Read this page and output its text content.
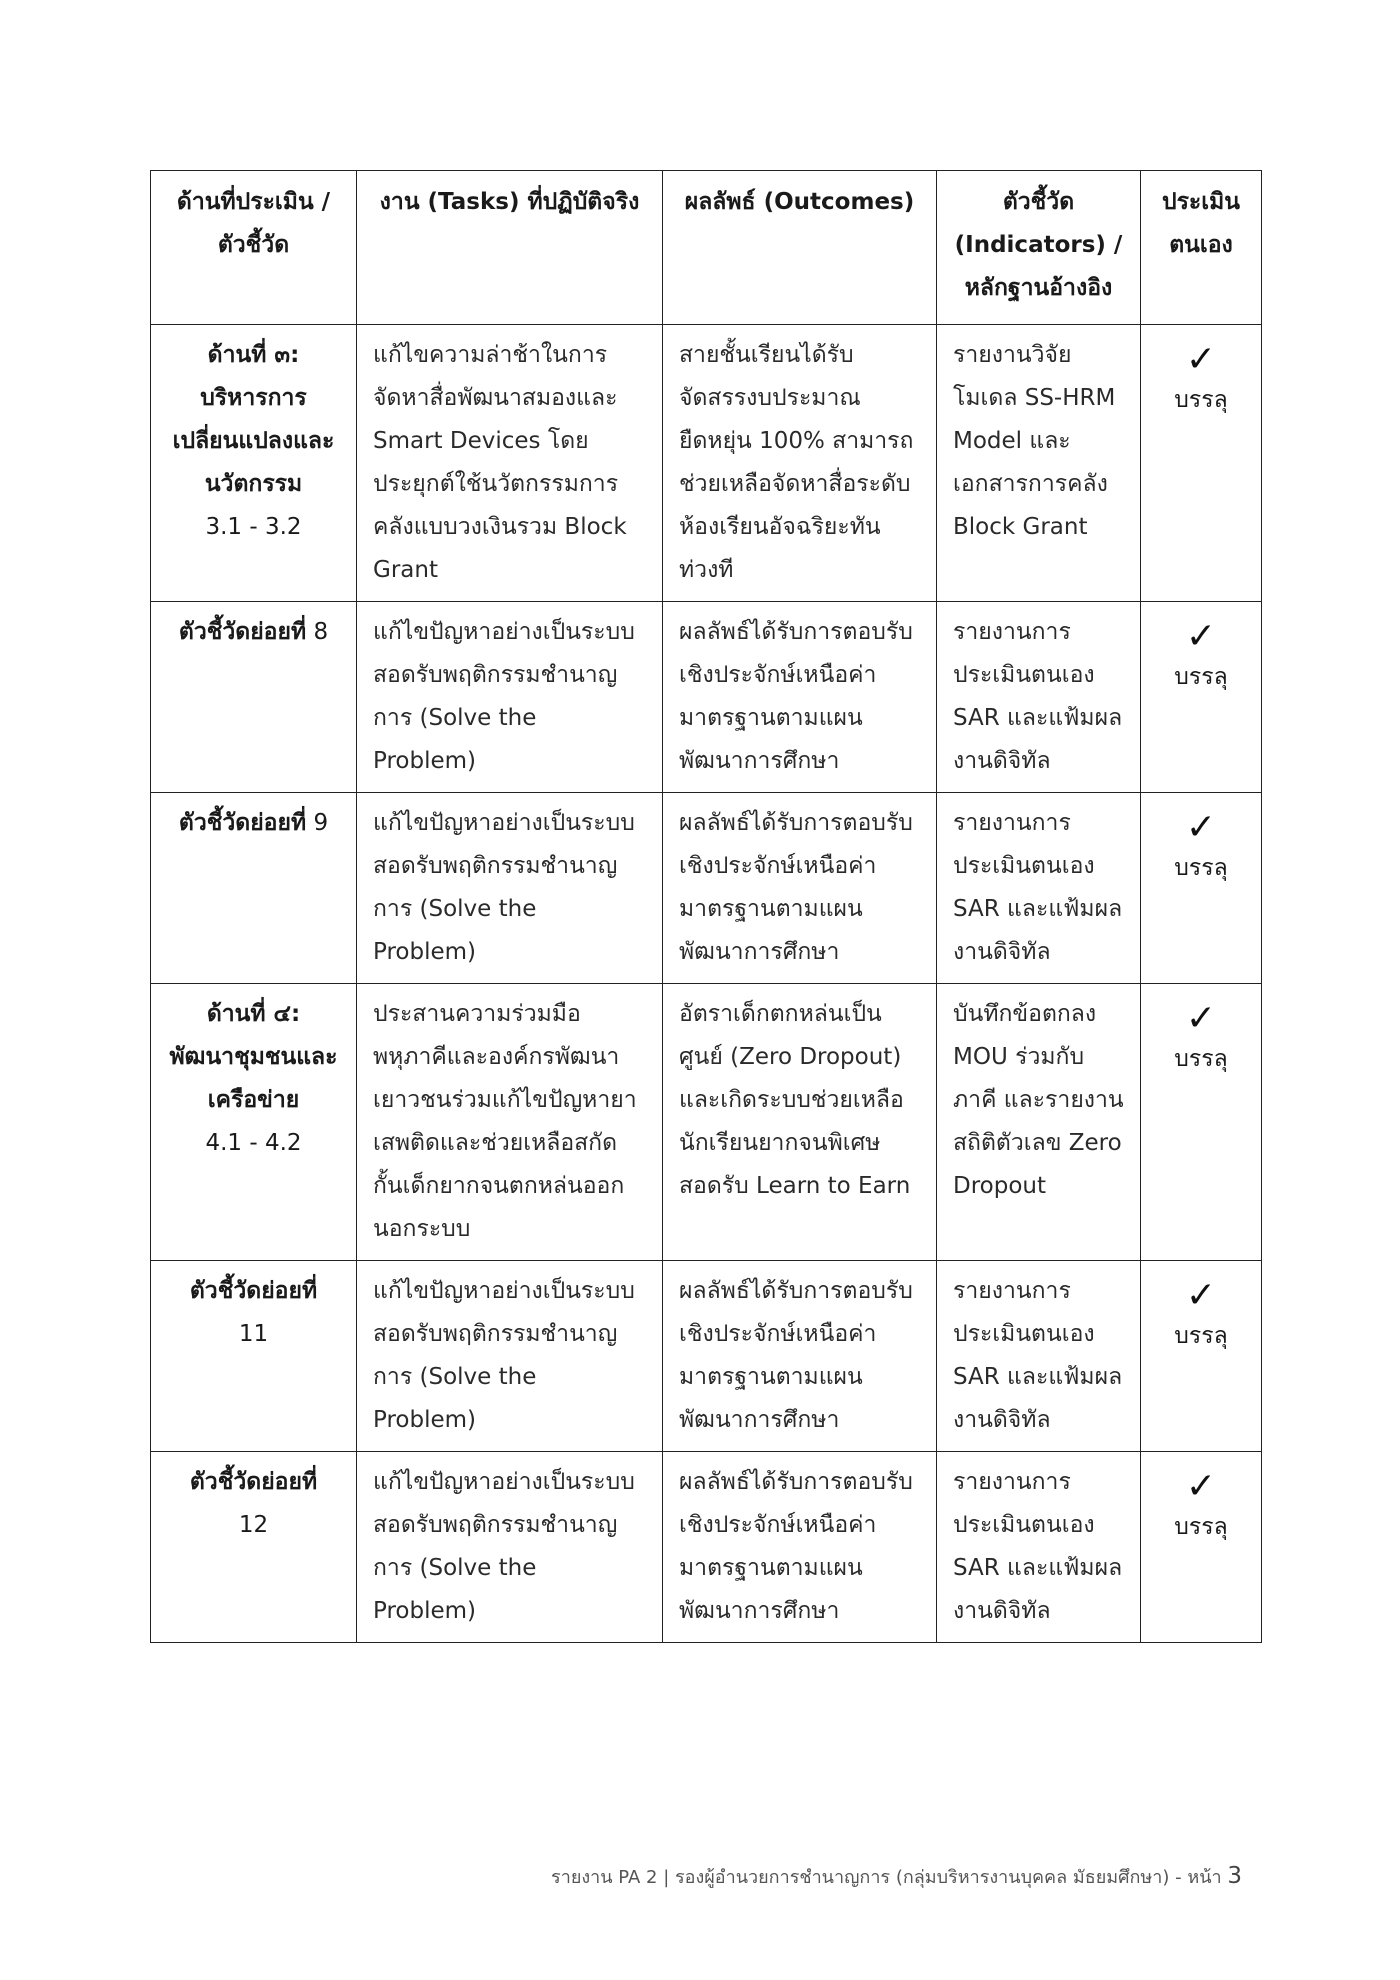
ด้านที่ประเมิน / ตัวชี้วัด	งาน (Tasks) ที่ปฏิบัติจริง	ผลลัพธ์ (Outcomes)	ตัวชี้วัด (Indicators) / หลักฐานอ้างอิง	ประเมินตนเอง

ด้านที่ ๓:
บริหารการเปลี่ยนแปลงและนวัตกรรม
3.1 - 3.2	แก้ไขความล่าช้าในการจัดหาสื่อพัฒนาสมองและ Smart Devices โดยประยุกต์ใช้นวัตกรรมการคลังแบบวงเงินรวม Block Grant	สายชั้นเรียนได้รับจัดสรรงบประมาณยืดหยุ่น 100% สามารถช่วยเหลือจัดหาสื่อระดับห้องเรียนอัจฉริยะทันท่วงที	รายงานวิจัยโมเดล SS-HRM Model และเอกสารการคลัง Block Grant	✓
บรรลุ

ตัวชี้วัดย่อยที่ 8	แก้ไขปัญหาอย่างเป็นระบบสอดรับพฤติกรรมชำนาญการ (Solve the Problem)	ผลลัพธ์ได้รับการตอบรับเชิงประจักษ์เหนือค่ามาตรฐานตามแผนพัฒนาการศึกษา	รายงานการประเมินตนเอง SAR และแฟ้มผลงานดิจิทัล	✓
บรรลุ

ตัวชี้วัดย่อยที่ 9	แก้ไขปัญหาอย่างเป็นระบบสอดรับพฤติกรรมชำนาญการ (Solve the Problem)	ผลลัพธ์ได้รับการตอบรับเชิงประจักษ์เหนือค่ามาตรฐานตามแผนพัฒนาการศึกษา	รายงานการประเมินตนเอง SAR และแฟ้มผลงานดิจิทัล	✓
บรรลุ

ด้านที่ ๔:
พัฒนาชุมชนและเครือข่าย
4.1 - 4.2	ประสานความร่วมมือพหุภาคีและองค์กรพัฒนาเยาวชนร่วมแก้ไขปัญหายาเสพติดและช่วยเหลือสกัดกั้นเด็กยากจนตกหล่นออกนอกระบบ	อัตราเด็กตกหล่นเป็นศูนย์ (Zero Dropout) และเกิดระบบช่วยเหลือนักเรียนยากจนพิเศษสอดรับ Learn to Earn	บันทึกข้อตกลง MOU ร่วมกับภาคี และรายงานสถิติตัวเลข Zero Dropout	✓
บรรลุ

ตัวชี้วัดย่อยที่
11	แก้ไขปัญหาอย่างเป็นระบบสอดรับพฤติกรรมชำนาญการ (Solve the Problem)	ผลลัพธ์ได้รับการตอบรับเชิงประจักษ์เหนือค่ามาตรฐานตามแผนพัฒนาการศึกษา	รายงานการประเมินตนเอง SAR และแฟ้มผลงานดิจิทัล	✓
บรรลุ

ตัวชี้วัดย่อยที่
12	แก้ไขปัญหาอย่างเป็นระบบสอดรับพฤติกรรมชำนาญการ (Solve the Problem)	ผลลัพธ์ได้รับการตอบรับเชิงประจักษ์เหนือค่ามาตรฐานตามแผนพัฒนาการศึกษา	รายงานการประเมินตนเอง SAR และแฟ้มผลงานดิจิทัล	✓
บรรลุ
รายงาน PA 2 | รองผู้อำนวยการชำนาญการ (กลุ่มบริหารงานบุคคล มัธยมศึกษา) - หน้า 3
